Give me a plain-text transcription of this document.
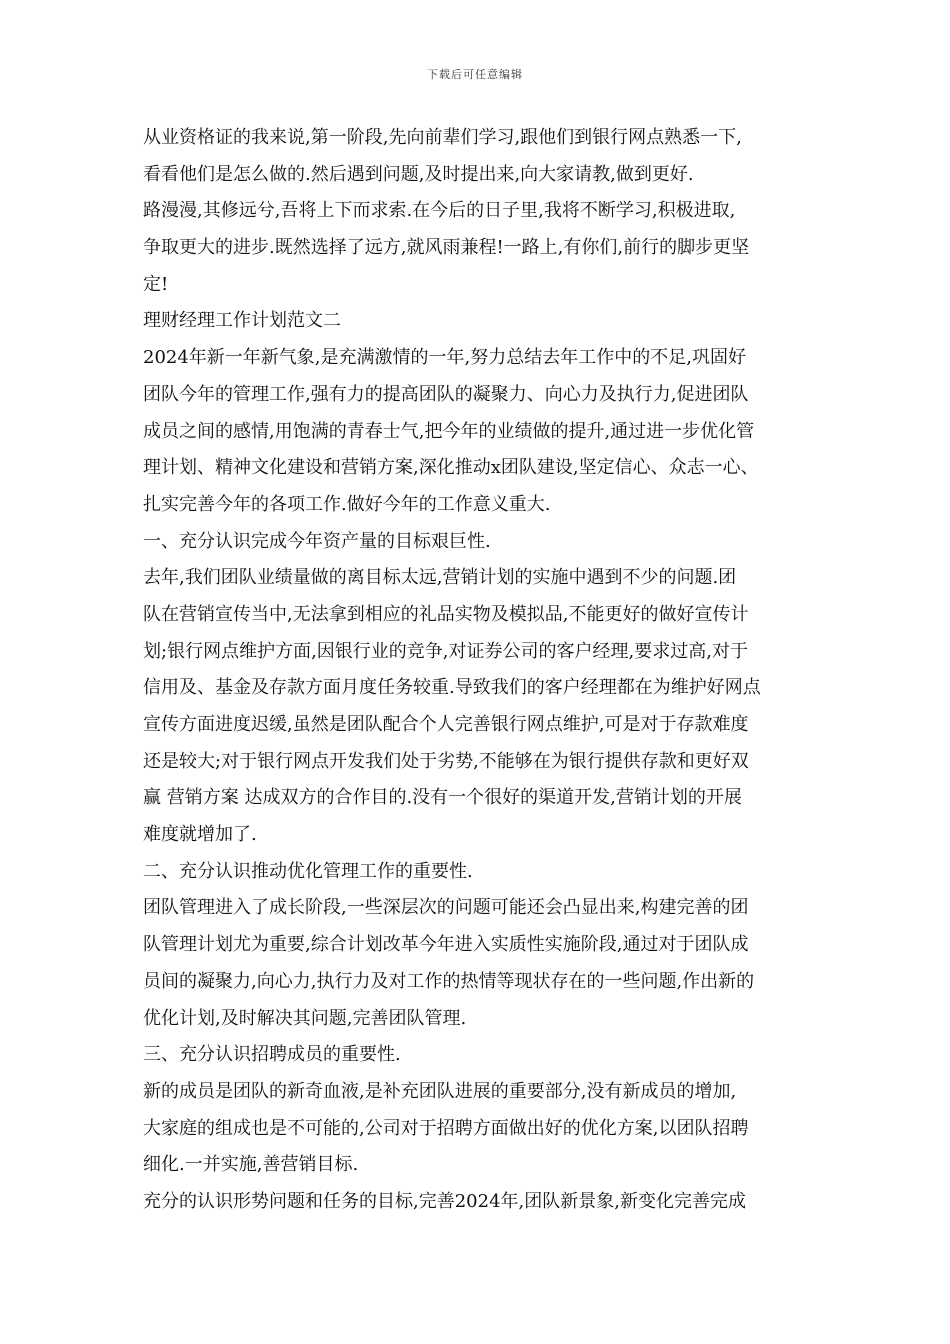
下载后可任意编辑
从业资格证的我来说,第一阶段,先向前辈们学习,跟他们到银行网点熟悉一下,
看看他们是怎么做的.然后遇到问题,及时提出来,向大家请教,做到更好.
路漫漫,其修远兮,吾将上下而求索.在今后的日子里,我将不断学习,积极进取,
争取更大的进步.既然选择了远方,就风雨兼程!一路上,有你们,前行的脚步更坚
定!
理财经理工作计划范文二
2024年新一年新气象,是充满激情的一年,努力总结去年工作中的不足,巩固好
团队今年的管理工作,强有力的提高团队的凝聚力、向心力及执行力,促进团队
成员之间的感情,用饱满的青春士气,把今年的业绩做的提升,通过进一步优化管
理计划、精神文化建设和营销方案,深化推动x团队建设,坚定信心、众志一心、
扎实完善今年的各项工作.做好今年的工作意义重大.
一、充分认识完成今年资产量的目标艰巨性.
去年,我们团队业绩量做的离目标太远,营销计划的实施中遇到不少的问题.团
队在营销宣传当中,无法拿到相应的礼品实物及模拟品,不能更好的做好宣传计
划;银行网点维护方面,因银行业的竞争,对证券公司的客户经理,要求过高,对于
信用及、基金及存款方面月度任务较重.导致我们的客户经理都在为维护好网点
宣传方面进度迟缓,虽然是团队配合个人完善银行网点维护,可是对于存款难度
还是较大;对于银行网点开发我们处于劣势,不能够在为银行提供存款和更好双
赢 营销方案 达成双方的合作目的.没有一个很好的渠道开发,营销计划的开展
难度就增加了.
二、充分认识推动优化管理工作的重要性.
团队管理进入了成长阶段,一些深层次的问题可能还会凸显出来,构建完善的团
队管理计划尤为重要,综合计划改革今年进入实质性实施阶段,通过对于团队成
员间的凝聚力,向心力,执行力及对工作的热情等现状存在的一些问题,作出新的
优化计划,及时解决其问题,完善团队管理.
三、充分认识招聘成员的重要性.
新的成员是团队的新奇血液,是补充团队进展的重要部分,没有新成员的增加,
大家庭的组成也是不可能的,公司对于招聘方面做出好的优化方案,以团队招聘
细化.一并实施,善营销目标.
充分的认识形势问题和任务的目标,完善2024年,团队新景象,新变化完善完成
